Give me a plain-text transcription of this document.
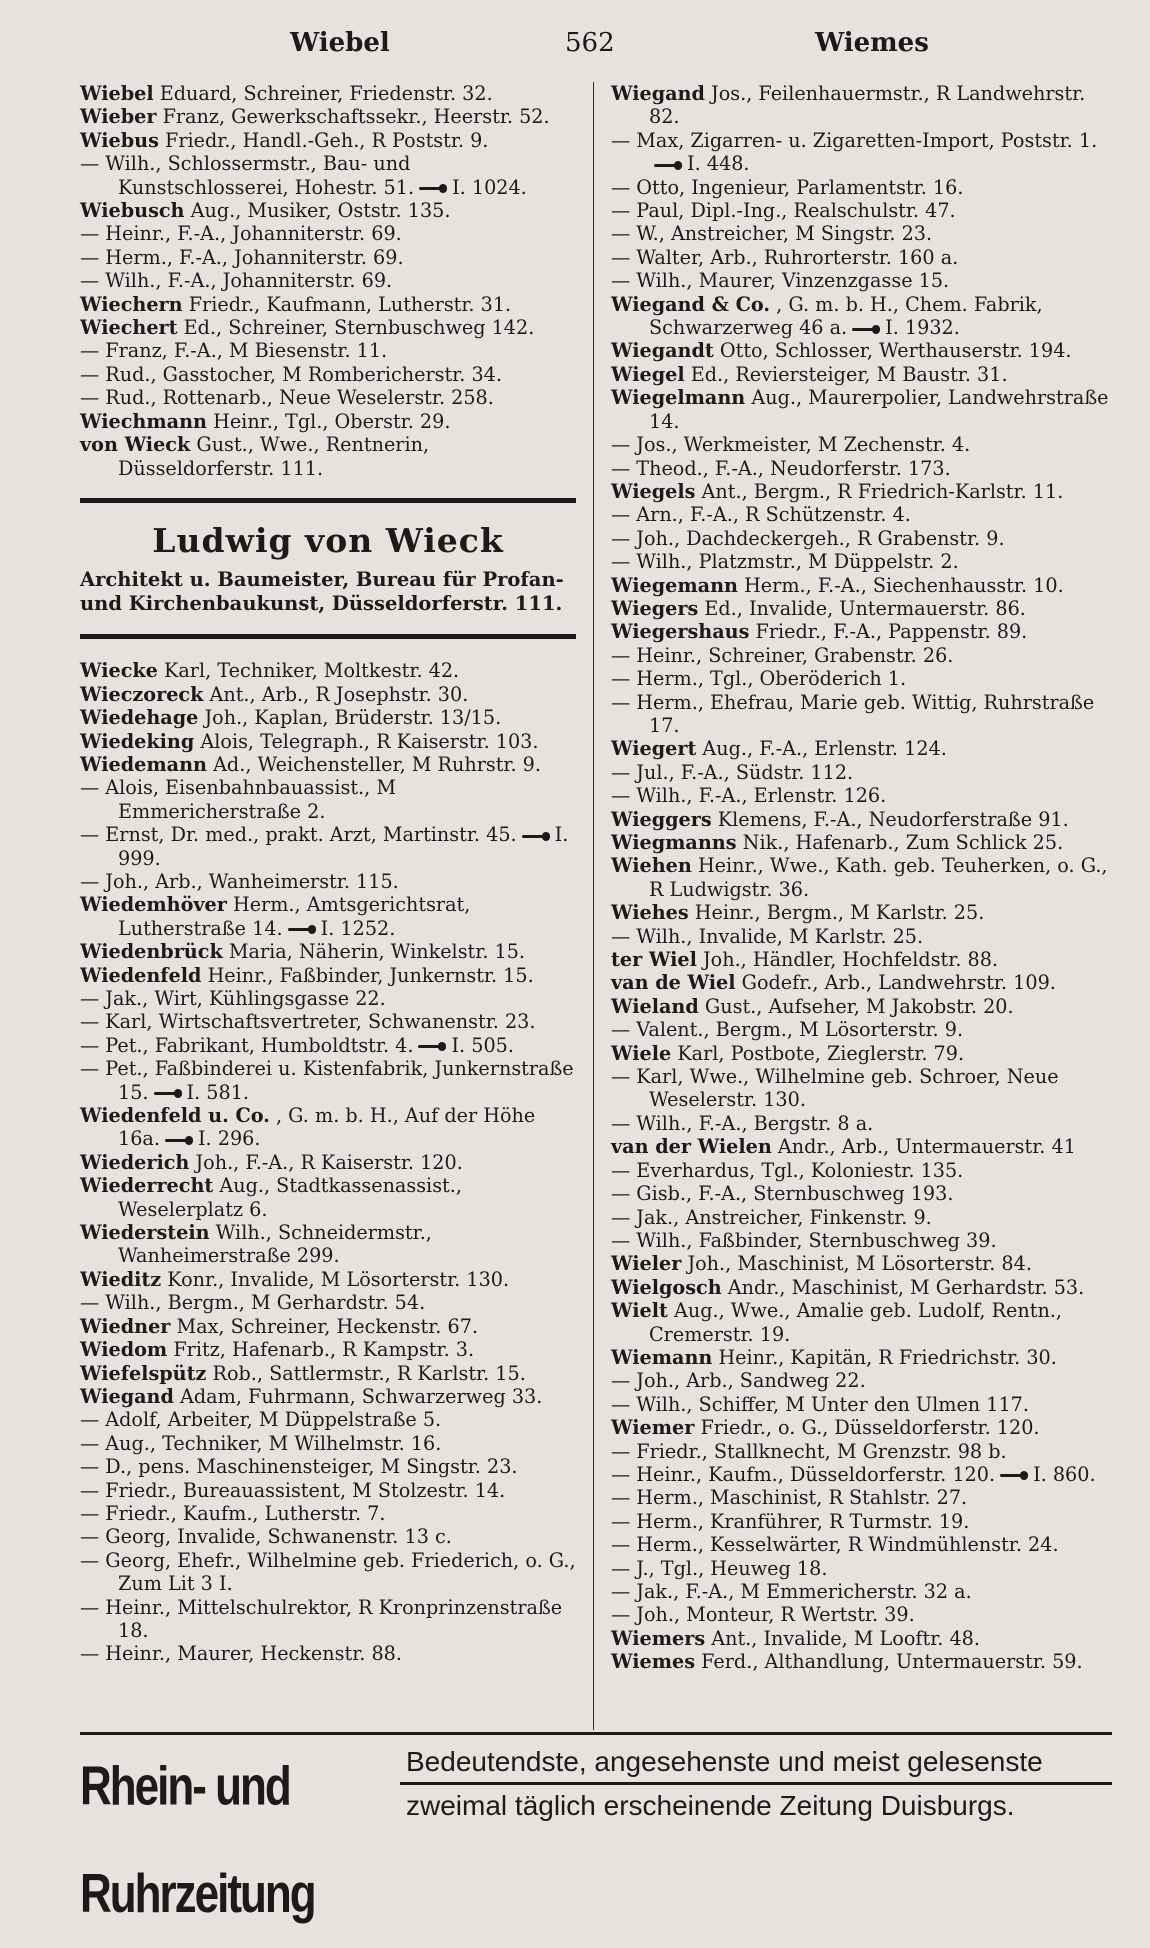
Wiebel	562	Wiemes
Wiebel Eduard, Schreiner, Friedenstr. 32.
Wieber Franz, Gewerkschaftssekr., Heerstr. 52.
Wiebus Friedr., Handl.-Geh., R Poststr. 9.
— Wilh., Schlossermstr., Bau- und Kunstschlosserei, Hohestr. 51. I. 1024.
Wiebusch Aug., Musiker, Oststr. 135.
— Heinr., F.-A., Johanniterstr. 69.
— Herm., F.-A., Johanniterstr. 69.
— Wilh., F.-A., Johanniterstr. 69.
Wiechern Friedr., Kaufmann, Lutherstr. 31.
Wiechert Ed., Schreiner, Sternbuschweg 142.
— Franz, F.-A., M Biesenstr. 11.
— Rud., Gasstocher, M Rombericherstr. 34.
— Rud., Rottenarb., Neue Weselerstr. 258.
Wiechmann Heinr., Tgl., Oberstr. 29.
von Wieck Gust., Wwe., Rentnerin, Düsseldorferstr. 111.
Ludwig von Wieck
Architekt u. Baumeister, Bureau für Profan- und Kirchenbaukunst, Düsseldorferstr. 111.
Wiecke Karl, Techniker, Moltkestr. 42.
Wieczoreck Ant., Arb., R Josephstr. 30.
Wiedehage Joh., Kaplan, Brüderstr. 13/15.
Wiedeking Alois, Telegraph., R Kaiserstr. 103.
Wiedemann Ad., Weichensteller, M Ruhrstr. 9.
— Alois, Eisenbahnbauassist., M Emmericherstraße 2.
— Ernst, Dr. med., prakt. Arzt, Martinstr. 45. I. 999.
— Joh., Arb., Wanheimerstr. 115.
Wiedemhöver Herm., Amtsgerichtsrat, Lutherstraße 14. I. 1252.
Wiedenbrück Maria, Näherin, Winkelstr. 15.
Wiedenfeld Heinr., Faßbinder, Junkernstr. 15.
— Jak., Wirt, Kühlingsgasse 22.
— Karl, Wirtschaftsvertreter, Schwanenstr. 23.
— Pet., Fabrikant, Humboldtstr. 4. I. 505.
— Pet., Faßbinderei u. Kistenfabrik, Junkernstraße 15. I. 581.
Wiedenfeld u. Co. , G. m. b. H., Auf der Höhe 16a. I. 296.
Wiederich Joh., F.-A., R Kaiserstr. 120.
Wiederrecht Aug., Stadtkassenassist., Weselerplatz 6.
Wiederstein Wilh., Schneidermstr., Wanheimerstraße 299.
Wieditz Konr., Invalide, M Lösorterstr. 130.
— Wilh., Bergm., M Gerhardstr. 54.
Wiedner Max, Schreiner, Heckenstr. 67.
Wiedom Fritz, Hafenarb., R Kampstr. 3.
Wiefelspütz Rob., Sattlermstr., R Karlstr. 15.
Wiegand Adam, Fuhrmann, Schwarzerweg 33.
— Adolf, Arbeiter, M Düppelstraße 5.
— Aug., Techniker, M Wilhelmstr. 16.
— D., pens. Maschinensteiger, M Singstr. 23.
— Friedr., Bureauassistent, M Stolzestr. 14.
— Friedr., Kaufm., Lutherstr. 7.
— Georg, Invalide, Schwanenstr. 13 c.
— Georg, Ehefr., Wilhelmine geb. Friederich, o. G., Zum Lit 3 I.
— Heinr., Mittelschulrektor, R Kronprinzenstraße 18.
— Heinr., Maurer, Heckenstr. 88.
Wiegand Jos., Feilenhauermstr., R Landwehrstr. 82.
— Max, Zigarren- u. Zigaretten-Import, Poststr. 1.I. 448.
— Otto, Ingenieur, Parlamentstr. 16.
— Paul, Dipl.-Ing., Realschulstr. 47.
— W., Anstreicher, M Singstr. 23.
— Walter, Arb., Ruhrorterstr. 160 a.
— Wilh., Maurer, Vinzenzgasse 15.
Wiegand & Co. , G. m. b. H., Chem. Fabrik, Schwarzerweg 46 a. I. 1932.
Wiegandt Otto, Schlosser, Werthauserstr. 194.
Wiegel Ed., Reviersteiger, M Baustr. 31.
Wiegelmann Aug., Maurerpolier, Landwehrstraße 14.
— Jos., Werkmeister, M Zechenstr. 4.
— Theod., F.-A., Neudorferstr. 173.
Wiegels Ant., Bergm., R Friedrich-Karlstr. 11.
— Arn., F.-A., R Schützenstr. 4.
— Joh., Dachdeckergeh., R Grabenstr. 9.
— Wilh., Platzmstr., M Düppelstr. 2.
Wiegemann Herm., F.-A., Siechenhausstr. 10.
Wiegers Ed., Invalide, Untermauerstr. 86.
Wiegershaus Friedr., F.-A., Pappenstr. 89.
— Heinr., Schreiner, Grabenstr. 26.
— Herm., Tgl., Oberöderich 1.
— Herm., Ehefrau, Marie geb. Wittig, Ruhrstraße 17.
Wiegert Aug., F.-A., Erlenstr. 124.
— Jul., F.-A., Südstr. 112.
— Wilh., F.-A., Erlenstr. 126.
Wieggers Klemens, F.-A., Neudorferstraße 91.
Wiegmanns Nik., Hafenarb., Zum Schlick 25.
Wiehen Heinr., Wwe., Kath. geb. Teuherken, o. G., R Ludwigstr. 36.
Wiehes Heinr., Bergm., M Karlstr. 25.
— Wilh., Invalide, M Karlstr. 25.
ter Wiel Joh., Händler, Hochfeldstr. 88.
van de Wiel Godefr., Arb., Landwehrstr. 109.
Wieland Gust., Aufseher, M Jakobstr. 20.
— Valent., Bergm., M Lösorterstr. 9.
Wiele Karl, Postbote, Zieglerstr. 79.
— Karl, Wwe., Wilhelmine geb. Schroer, Neue Weselerstr. 130.
— Wilh., F.-A., Bergstr. 8 a.
van der Wielen Andr., Arb., Untermauerstr. 41
— Everhardus, Tgl., Koloniestr. 135.
— Gisb., F.-A., Sternbuschweg 193.
— Jak., Anstreicher, Finkenstr. 9.
— Wilh., Faßbinder, Sternbuschweg 39.
Wieler Joh., Maschinist, M Lösorterstr. 84.
Wielgosch Andr., Maschinist, M Gerhardstr. 53.
Wielt Aug., Wwe., Amalie geb. Ludolf, Rentn., Cremerstr. 19.
Wiemann Heinr., Kapitän, R Friedrichstr. 30.
— Joh., Arb., Sandweg 22.
— Wilh., Schiffer, M Unter den Ulmen 117.
Wiemer Friedr., o. G., Düsseldorferstr. 120.
— Friedr., Stallknecht, M Grenzstr. 98 b.
— Heinr., Kaufm., Düsseldorferstr. 120. I. 860.
— Herm., Maschinist, R Stahlstr. 27.
— Herm., Kranführer, R Turmstr. 19.
— Herm., Kesselwärter, R Windmühlenstr. 24.
— J., Tgl., Heuweg 18.
— Jak., F.-A., M Emmericherstr. 32 a.
— Joh., Monteur, R Wertstr. 39.
Wiemers Ant., Invalide, M Looftr. 48.
Wiemes Ferd., Althandlung, Untermauerstr. 59.
Rhein- und Ruhrzeitung
Bedeutendste, angesehenste und meist gelesenste
zweimal täglich erscheinende Zeitung Duisburgs.
